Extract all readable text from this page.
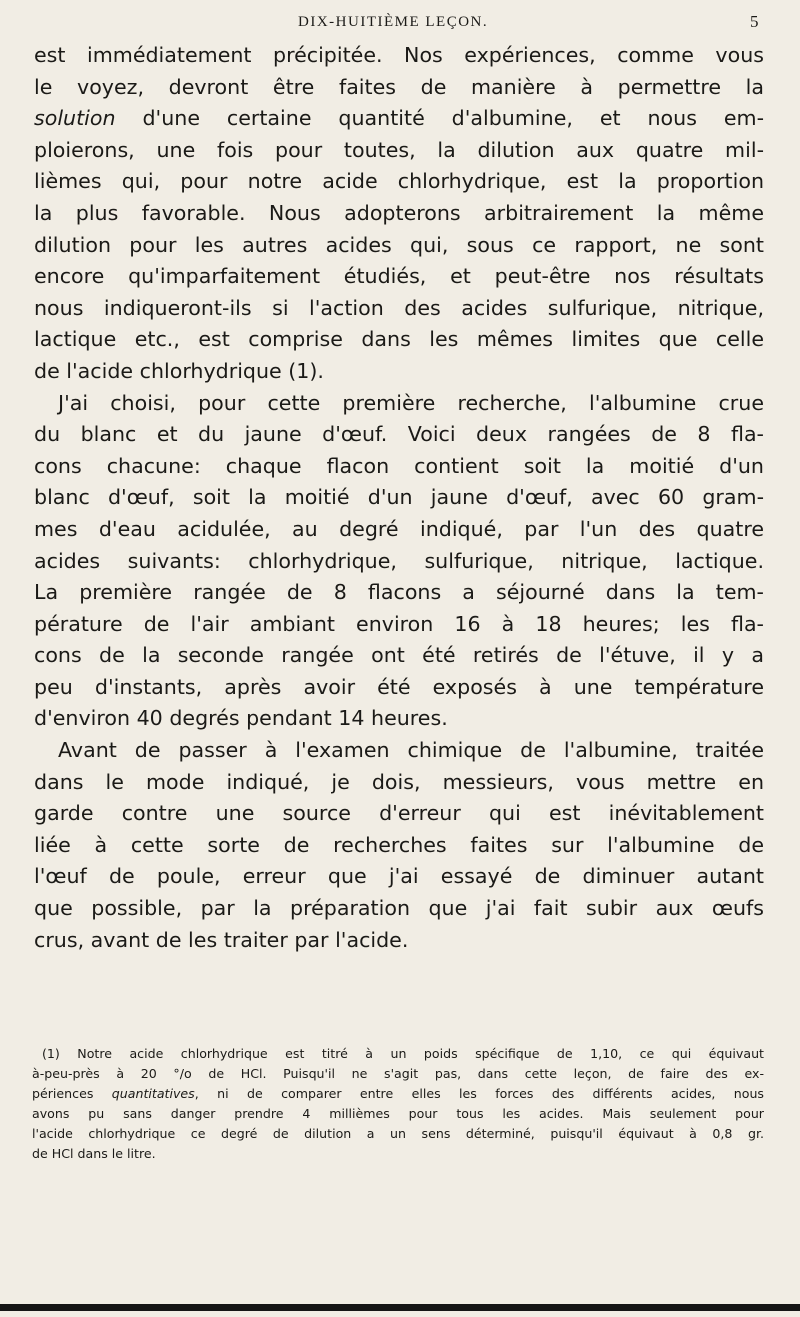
DIX-HUITIÈME LEÇON.	5
est immédiatement précipitée. Nos expériences, comme vous
le voyez, devront être faites de manière à permettre la
solution d'une certaine quantité d'albumine, et nous em-
ploierons, une fois pour toutes, la dilution aux quatre mil-
lièmes qui, pour notre acide chlorhydrique, est la proportion
la plus favorable. Nous adopterons arbitrairement la même
dilution pour les autres acides qui, sous ce rapport, ne sont
encore qu'imparfaitement étudiés, et peut-être nos résultats
nous indiqueront-ils si l'action des acides sulfurique, nitrique,
lactique etc., est comprise dans les mêmes limites que celle
de l'acide chlorhydrique (1).
J'ai choisi, pour cette première recherche, l'albumine crue
du blanc et du jaune d'œuf. Voici deux rangées de 8 fla-
cons chacune: chaque flacon contient soit la moitié d'un
blanc d'œuf, soit la moitié d'un jaune d'œuf, avec 60 gram-
mes d'eau acidulée, au degré indiqué, par l'un des quatre
acides suivants: chlorhydrique, sulfurique, nitrique, lactique.
La première rangée de 8 flacons a séjourné dans la tem-
pérature de l'air ambiant environ 16 à 18 heures; les fla-
cons de la seconde rangée ont été retirés de l'étuve, il y a
peu d'instants, après avoir été exposés à une température
d'environ 40 degrés pendant 14 heures.
Avant de passer à l'examen chimique de l'albumine, traitée
dans le mode indiqué, je dois, messieurs, vous mettre en
garde contre une source d'erreur qui est inévitablement
liée à cette sorte de recherches faites sur l'albumine de
l'œuf de poule, erreur que j'ai essayé de diminuer autant
que possible, par la préparation que j'ai fait subir aux œufs
crus, avant de les traiter par l'acide.
(1) Notre acide chlorhydrique est titré à un poids spécifique de 1,10, ce qui équivaut
à-peu-près à 20 °/o de HCl. Puisqu'il ne s'agit pas, dans cette leçon, de faire des ex-
périences quantitatives, ni de comparer entre elles les forces des différents acides, nous
avons pu sans danger prendre 4 millièmes pour tous les acides. Mais seulement pour
l'acide chlorhydrique ce degré de dilution a un sens déterminé, puisqu'il équivaut à 0,8 gr.
de HCl dans le litre.
